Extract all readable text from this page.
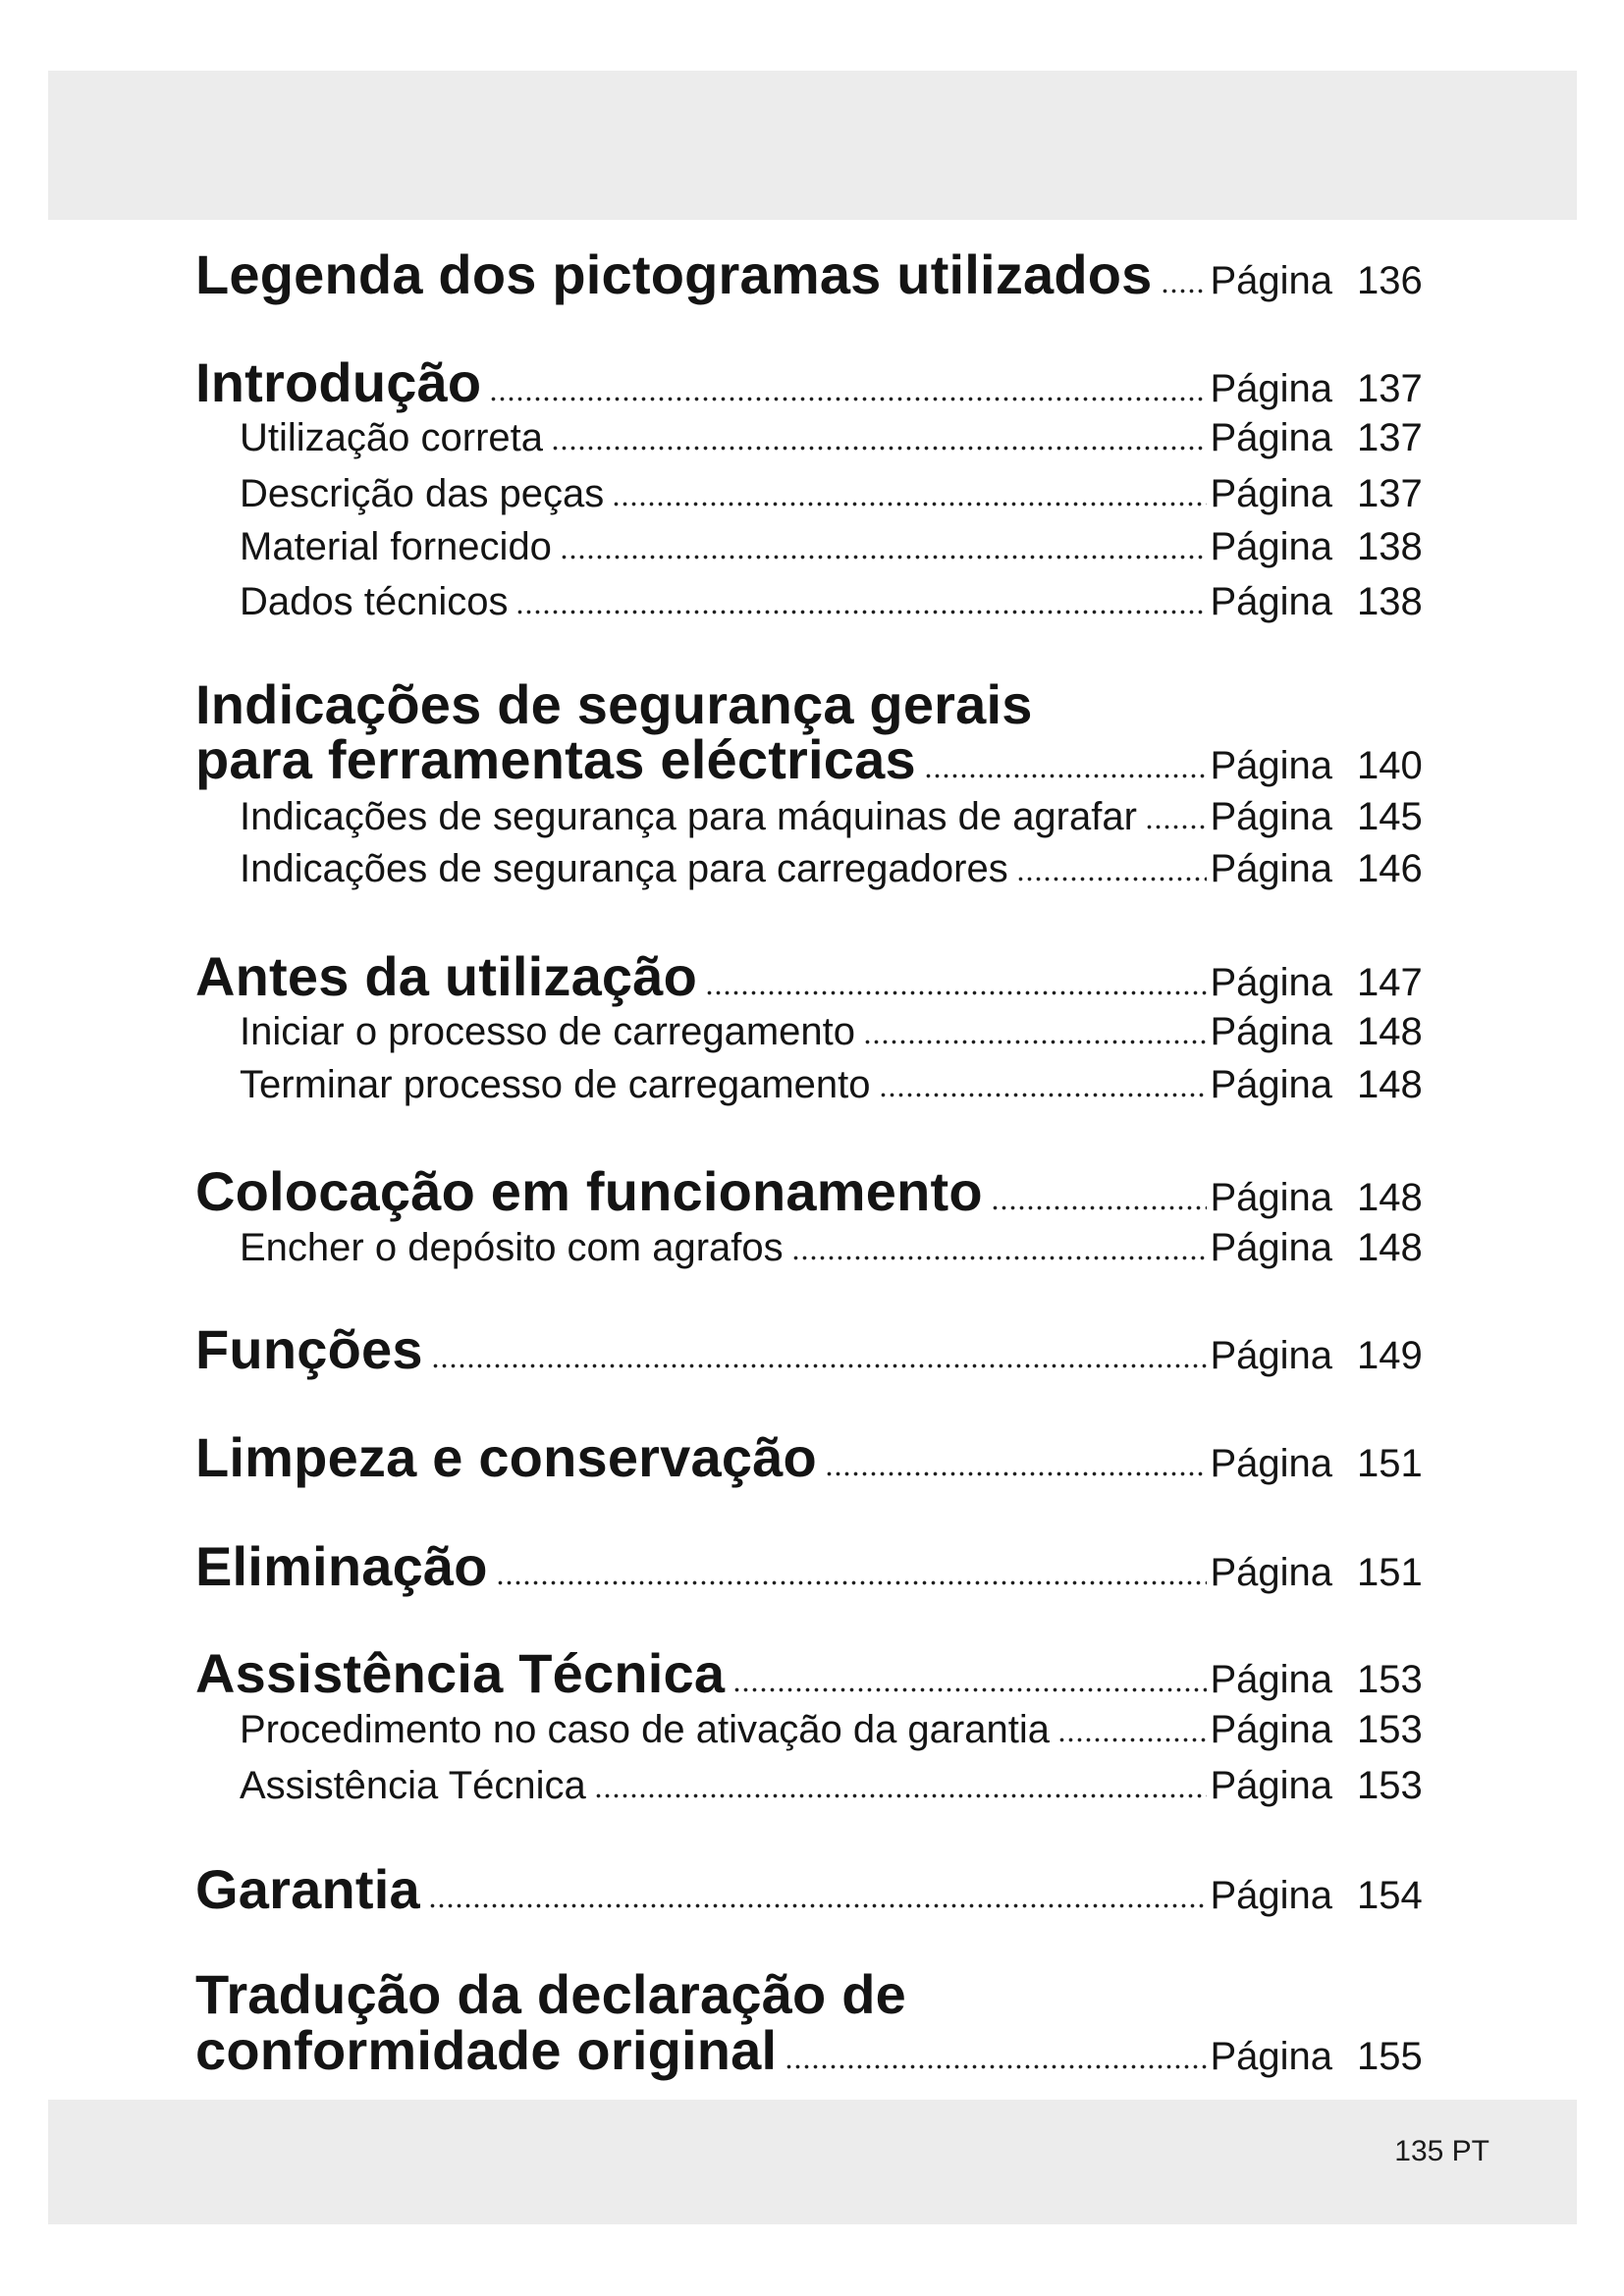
Legenda dos pictogramas utilizados Página 136
Introdução	Página 137
Utilização correta	Página 137
Descrição das peças	Página 137
Material fornecido	Página 138
Dados técnicos	Página 138
Indicações de segurança gerais
para ferramentas eléctricas	Página 140
Indicações de segurança para máquinas de agrafar Página 145
Indicações de segurança para carregadores	Página 146
Antes da utilização	Página 147
Iniciar o processo de carregamento	Página 148
Terminar processo de carregamento	Página 148
Colocação em funcionamento	Página 148
Encher o depósito com agrafos	Página 148
Funções	Página 149
Limpeza e conservação	Página 151
Eliminação	Página 151
Assistência Técnica	Página 153
Procedimento no caso de ativação da garantia	Página 153
Assistência Técnica	Página 153
Garantia	Página 154
Tradução da declaração de
conformidade original	Página 155
135 PT
